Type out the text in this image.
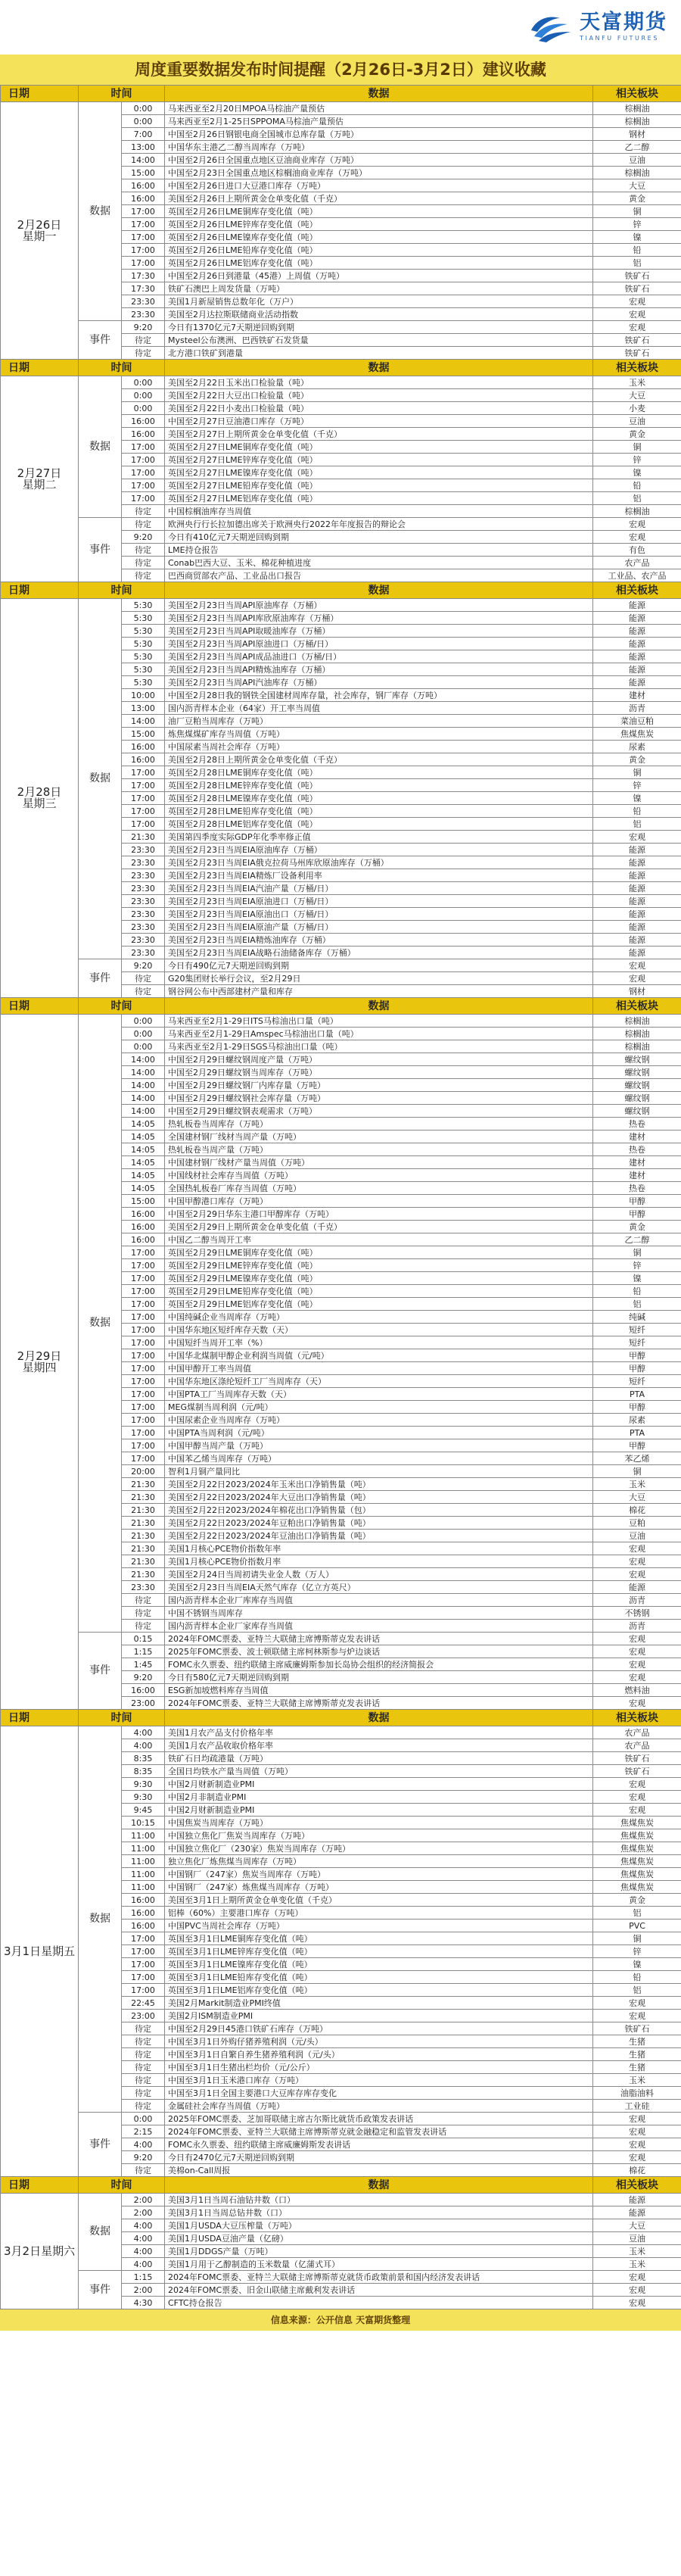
天富期货
TIANFU FUTURES
周度重要数据发布时间提醒（2月26日-3月2日）建议收藏
日期	时间		数据	相关板块

2月26日
星期一	数据	0:00	马来西亚至2月20日MPOA马棕油产量预估	棕榈油
		0:00	马来西亚至2月1-25日SPPOMA马棕油产量预估	棕榈油
		7:00	中国至2月26日钢银电商全国城市总库存量（万吨）	钢材
		13:00	中国华东主港乙二醇当周库存（万吨）	乙二醇
		14:00	中国至2月26日全国重点地区豆油商业库存（万吨）	豆油
		15:00	中国至2月23日全国重点地区棕榈油商业库存（万吨）	棕榈油
		16:00	中国至2月26日进口大豆港口库存（万吨）	大豆
		16:00	美国至2月26日上期所黄金仓单变化值（千克）	黄金
		17:00	英国至2月26日LME铜库存变化值（吨）	铜
		17:00	英国至2月26日LME锌库存变化值（吨）	锌
		17:00	英国至2月26日LME镍库存变化值（吨）	镍
		17:00	英国至2月26日LME铅库存变化值（吨）	铅
		17:00	英国至2月26日LME铝库存变化值（吨）	铝
		17:30	中国至2月26日到港量（45港）上周值（万吨）	铁矿石
		17:30	铁矿石澳巴上周发货量（万吨）	铁矿石
		23:30	美国1月新屋销售总数年化（万户）	宏观
		23:30	美国至2月达拉斯联储商业活动指数	宏观
	事件	9:20	今日有1370亿元7天期逆回购到期	宏观
		待定	Mysteel公布澳洲、巴西铁矿石发货量	铁矿石
		待定	北方港口铁矿到港量	铁矿石
日期	时间		数据	相关板块

2月27日
星期二	数据	0:00	美国至2月22日玉米出口检验量（吨）	玉米
		0:00	美国至2月22日大豆出口检验量（吨）	大豆
		0:00	美国至2月22日小麦出口检验量（吨）	小麦
		16:00	中国至2月27日豆油港口库存（万吨）	豆油
		16:00	美国至2月27日上期所黄金仓单变化值（千克）	黄金
		17:00	英国至2月27日LME铜库存变化值（吨）	铜
		17:00	英国至2月27日LME锌库存变化值（吨）	锌
		17:00	英国至2月27日LME镍库存变化值（吨）	镍
		17:00	英国至2月27日LME铅库存变化值（吨）	铅
		17:00	英国至2月27日LME铝库存变化值（吨）	铝
		待定	中国棕榈油库存当周值	棕榈油
	事件	待定	欧洲央行行长拉加德出席关于欧洲央行2022年年度报告的辩论会	宏观
		9:20	今日有410亿元7天期逆回购到期	宏观
		待定	LME持仓报告	有色
		待定	Conab巴西大豆、玉米、棉花种植进度	农产品
		待定	巴西商贸部农产品、工业品出口报告	工业品、农产品
日期	时间		数据	相关板块

2月28日
星期三	数据	5:30	美国至2月23日当周API原油库存（万桶）	能源
		5:30	美国至2月23日当周API库欣原油库存（万桶）	能源
		5:30	美国至2月23日当周API取暖油库存（万桶）	能源
		5:30	美国至2月23日当周API原油进口（万桶/日）	能源
		5:30	美国至2月23日当周API成品油进口（万桶/日）	能源
		5:30	美国至2月23日当周API精炼油库存（万桶）	能源
		5:30	美国至2月23日当周API汽油库存（万桶）	能源
		10:00	中国至2月28日我的钢铁全国建材周库存量，社会库存，钢厂库存（万吨）	建材
		13:00	国内沥青样本企业（64家）开工率当周值	沥青
		14:00	油厂豆粕当周库存（万吨）	菜油豆粕
		15:00	炼焦煤煤矿库存当周值（万吨）	焦煤焦炭
		16:00	中国尿素当周社会库存（万吨）	尿素
		16:00	美国至2月28日上期所黄金仓单变化值（千克）	黄金
		17:00	英国至2月28日LME铜库存变化值（吨）	铜
		17:00	英国至2月28日LME锌库存变化值（吨）	锌
		17:00	英国至2月28日LME镍库存变化值（吨）	镍
		17:00	英国至2月28日LME铅库存变化值（吨）	铅
		17:00	英国至2月28日LME铝库存变化值（吨）	铝
		21:30	美国第四季度实际GDP年化季率修正值	宏观
		23:30	美国至2月23日当周EIA原油库存（万桶）	能源
		23:30	美国至2月23日当周EIA俄克拉荷马州库欣原油库存（万桶）	能源
		23:30	美国至2月23日当周EIA精炼厂设备利用率	能源
		23:30	美国至2月23日当周EIA汽油产量（万桶/日）	能源
		23:30	美国至2月23日当周EIA原油进口（万桶/日）	能源
		23:30	美国至2月23日当周EIA原油出口（万桶/日）	能源
		23:30	美国至2月23日当周EIA原油产量（万桶/日）	能源
		23:30	美国至2月23日当周EIA精炼油库存（万桶）	能源
		23:30	美国至2月23日当周EIA战略石油储备库存（万桶）	能源
	事件	9:20	今日有490亿元7天期逆回购到期	宏观
		待定	G20集团财长举行会议，至2月29日	宏观
		待定	钢谷网公布中西部建材产量和库存	钢材
日期	时间		数据	相关板块

2月29日
星期四	数据	0:00	马来西亚至2月1-29日ITS马棕油出口量（吨）	棕榈油
		0:00	马来西亚至2月1-29日Amspec马棕油出口量（吨）	棕榈油
		0:00	马来西亚至2月1-29日SGS马棕油出口量（吨）	棕榈油
		14:00	中国至2月29日螺纹钢周度产量（万吨）	螺纹钢
		14:00	中国至2月29日螺纹钢当周库存（万吨）	螺纹钢
		14:00	中国至2月29日螺纹钢厂内库存量（万吨）	螺纹钢
		14:00	中国至2月29日螺纹钢社会库存量（万吨）	螺纹钢
		14:00	中国至2月29日螺纹钢表观需求（万吨）	螺纹钢
		14:05	热轧板卷当周库存（万吨）	热卷
		14:05	全国建材钢厂线材当周产量（万吨）	建材
		14:05	热轧板卷当周产量（万吨）	热卷
		14:05	中国建材钢厂线材产量当周值（万吨）	建材
		14:05	中国线材社会库存当周值（万吨）	建材
		14:05	全国热轧板卷厂库存当周值（万吨）	热卷
		15:00	中国甲醇港口库存（万吨）	甲醇
		16:00	中国至2月29日华东主港口甲醇库存（万吨）	甲醇
		16:00	美国至2月29日上期所黄金仓单变化值（千克）	黄金
		16:00	中国乙二醇当周开工率	乙二醇
		17:00	英国至2月29日LME铜库存变化值（吨）	铜
		17:00	英国至2月29日LME锌库存变化值（吨）	锌
		17:00	英国至2月29日LME镍库存变化值（吨）	镍
		17:00	英国至2月29日LME铅库存变化值（吨）	铅
		17:00	英国至2月29日LME铝库存变化值（吨）	铝
		17:00	中国纯碱企业当周库存（万吨）	纯碱
		17:00	中国华东地区短纤库存天数（天）	短纤
		17:00	中国短纤当周开工率（%）	短纤
		17:00	中国华北煤制甲醇企业利润当周值（元/吨）	甲醇
		17:00	中国甲醇开工率当周值	甲醇
		17:00	中国华东地区涤纶短纤工厂当周库存（天）	短纤
		17:00	中国PTA工厂当周库存天数（天）	PTA
		17:00	MEG煤制当周利润（元/吨）	甲醇
		17:00	中国尿素企业当周库存（万吨）	尿素
		17:00	中国PTA当周利润（元/吨）	PTA
		17:00	中国甲醇当周产量（万吨）	甲醇
		17:00	中国苯乙烯当周库存（万吨）	苯乙烯
		20:00	智利1月铜产量同比	铜
		21:30	美国至2月22日2023/2024年玉米出口净销售量（吨）	玉米
		21:30	美国至2月22日2023/2024年大豆出口净销售量（吨）	大豆
		21:30	美国至2月22日2023/2024年棉花出口净销售量（包）	棉花
		21:30	美国至2月22日2023/2024年豆粕出口净销售量（吨）	豆粕
		21:30	美国至2月22日2023/2024年豆油出口净销售量（吨）	豆油
		21:30	美国1月核心PCE物价指数年率	宏观
		21:30	美国1月核心PCE物价指数月率	宏观
		21:30	美国至2月24日当周初请失业金人数（万人）	宏观
		23:30	美国至2月23日当周EIA天然气库存（亿立方英尺）	能源
		待定	国内沥青样本企业厂库库存当周值	沥青
		待定	中国不锈钢当周库存	不锈钢
		待定	国内沥青样本企业厂家库存当周值	沥青
	事件	0:15	2024年FOMC票委、亚特兰大联储主席博斯蒂克发表讲话	宏观
		1:15	2025年FOMC票委、波士顿联储主席柯林斯参与炉边谈话	宏观
		1:45	FOMC永久票委、纽约联储主席威廉姆斯参加长岛协会组织的经济简报会	宏观
		9:20	今日有580亿元7天期逆回购到期	宏观
		16:00	ESG新加坡燃料库存当周值	燃料油
		23:00	2024年FOMC票委、亚特兰大联储主席博斯蒂克发表讲话	宏观
日期	时间		数据	相关板块

3月1日星期五	数据	4:00	美国1月农产品支付价格年率	农产品
		4:00	美国1月农产品收取价格年率	农产品
		8:35	铁矿石日均疏港量（万吨）	铁矿石
		8:35	全国日均铁水产量当周值（万吨）	铁矿石
		9:30	中国2月财新制造业PMI	宏观
		9:30	中国2月非制造业PMI	宏观
		9:45	中国2月财新制造业PMI	宏观
		10:15	中国焦炭当周库存（万吨）	焦煤焦炭
		11:00	中国独立焦化厂焦炭当周库存（万吨）	焦煤焦炭
		11:00	中国独立焦化厂（230家）焦炭当周库存（万吨）	焦煤焦炭
		11:00	独立焦化厂炼焦煤当周库存（万吨）	焦煤焦炭
		11:00	中国钢厂（247家）焦炭当周库存（万吨）	焦煤焦炭
		11:00	中国钢厂（247家）炼焦煤当周库存（万吨）	焦煤焦炭
		16:00	美国至3月1日上期所黄金仓单变化值（千克）	黄金
		16:00	铝棒（60%）主要港口库存（万吨）	铝
		16:00	中国PVC当周社会库存（万吨）	PVC
		17:00	英国至3月1日LME铜库存变化值（吨）	铜
		17:00	英国至3月1日LME锌库存变化值（吨）	锌
		17:00	英国至3月1日LME镍库存变化值（吨）	镍
		17:00	英国至3月1日LME铅库存变化值（吨）	铅
		17:00	英国至3月1日LME铝库存变化值（吨）	铝
		22:45	美国2月Markit制造业PMI终值	宏观
		23:00	美国2月ISM制造业PMI	宏观
		待定	中国至2月29日45港口铁矿石库存（万吨）	铁矿石
		待定	中国至3月1日外购仔猪养殖利润（元/头）	生猪
		待定	中国至3月1日自繁自养生猪养殖利润（元/头）	生猪
		待定	中国至3月1日生猪出栏均价（元/公斤）	生猪
		待定	中国至3月1日玉米港口库存（万吨）	玉米
		待定	中国至3月1日全国主要港口大豆库存库存变化	油脂油料
		待定	金属硅社会库存当周值（万吨）	工业硅
	事件	0:00	2025年FOMC票委、芝加哥联储主席古尔斯比就货币政策发表讲话	宏观
		2:15	2024年FOMC票委、亚特兰大联储主席博斯蒂克就金融稳定和监管发表讲话	宏观
		4:00	FOMC永久票委、纽约联储主席威廉姆斯发表讲话	宏观
		9:20	今日有2470亿元7天期逆回购到期	宏观
		待定	美棉on-Call周报	棉花
日期	时间		数据	相关板块

3月2日星期六	数据	2:00	美国3月1日当周石油钻井数（口）	能源
		2:00	美国3月1日当周总钻井数（口）	能源
		4:00	美国1月USDA大豆压榨量（万吨）	大豆
		4:00	美国1月USDA豆油产量（亿磅）	豆油
		4:00	美国1月DDGS产量（万吨）	玉米
		4:00	美国1月用于乙醇制造的玉米数量（亿蒲式耳）	玉米
	事件	1:15	2024年FOMC票委、亚特兰大联储主席博斯蒂克就货币政策前景和国内经济发表讲话	宏观
		2:00	2024年FOMC票委、旧金山联储主席戴利发表讲话	宏观
		4:30	CFTC持仓报告	宏观
信息来源：公开信息 天富期货整理
